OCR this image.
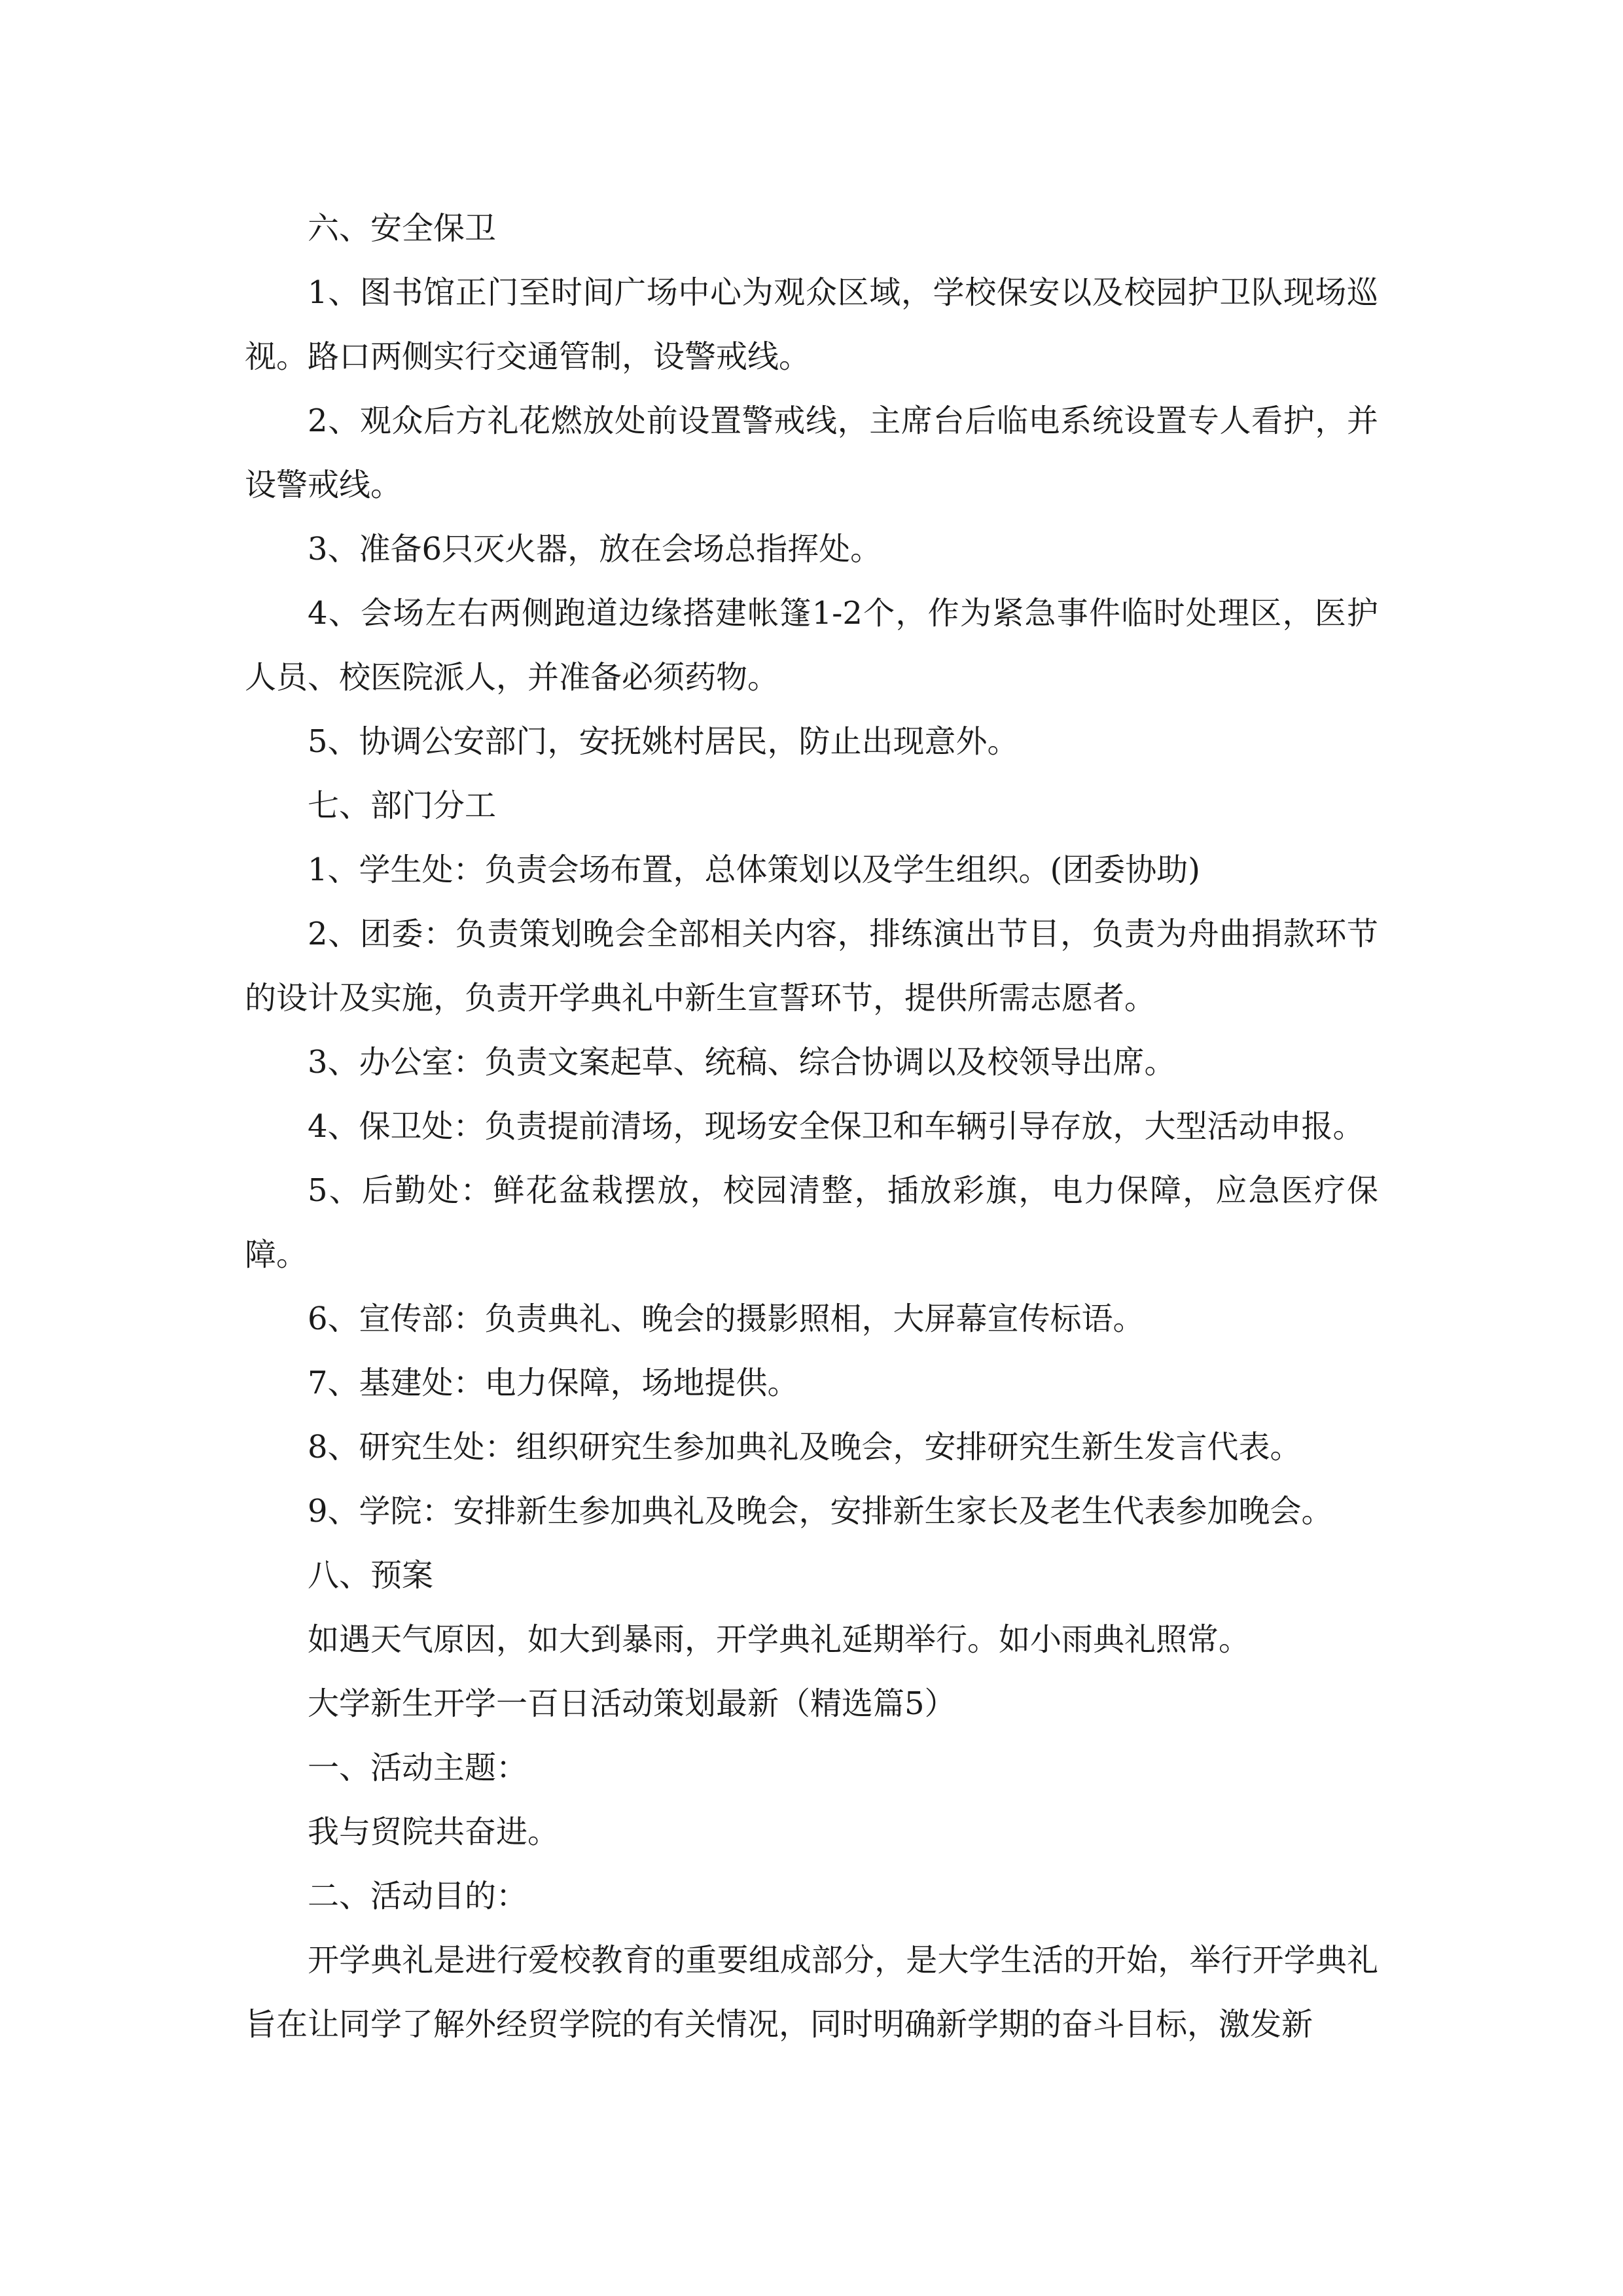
六、安全保卫

1、图书馆正门至时间广场中心为观众区域，学校保安以及校园护卫队现场巡视。路口两侧实行交通管制，设警戒线。

2、观众后方礼花燃放处前设置警戒线，主席台后临电系统设置专人看护，并设警戒线。

3、准备6只灭火器，放在会场总指挥处。

4、会场左右两侧跑道边缘搭建帐篷1-2个，作为紧急事件临时处理区，医护人员、校医院派人，并准备必须药物。

5、协调公安部门，安抚姚村居民，防止出现意外。

七、部门分工

1、学生处：负责会场布置，总体策划以及学生组织。(团委协助)

2、团委：负责策划晚会全部相关内容，排练演出节目，负责为舟曲捐款环节的设计及实施，负责开学典礼中新生宣誓环节，提供所需志愿者。

3、办公室：负责文案起草、统稿、综合协调以及校领导出席。

4、保卫处：负责提前清场，现场安全保卫和车辆引导存放，大型活动申报。

5、后勤处：鲜花盆栽摆放，校园清整，插放彩旗，电力保障，应急医疗保障。

6、宣传部：负责典礼、晚会的摄影照相，大屏幕宣传标语。

7、基建处：电力保障，场地提供。

8、研究生处：组织研究生参加典礼及晚会，安排研究生新生发言代表。

9、学院：安排新生参加典礼及晚会，安排新生家长及老生代表参加晚会。

八、预案

如遇天气原因，如大到暴雨，开学典礼延期举行。如小雨典礼照常。

大学新生开学一百日活动策划最新（精选篇5）

一、活动主题：

我与贸院共奋进。

二、活动目的：

开学典礼是进行爱校教育的重要组成部分，是大学生活的开始，举行开学典礼旨在让同学了解外经贸学院的有关情况，同时明确新学期的奋斗目标，激发新
